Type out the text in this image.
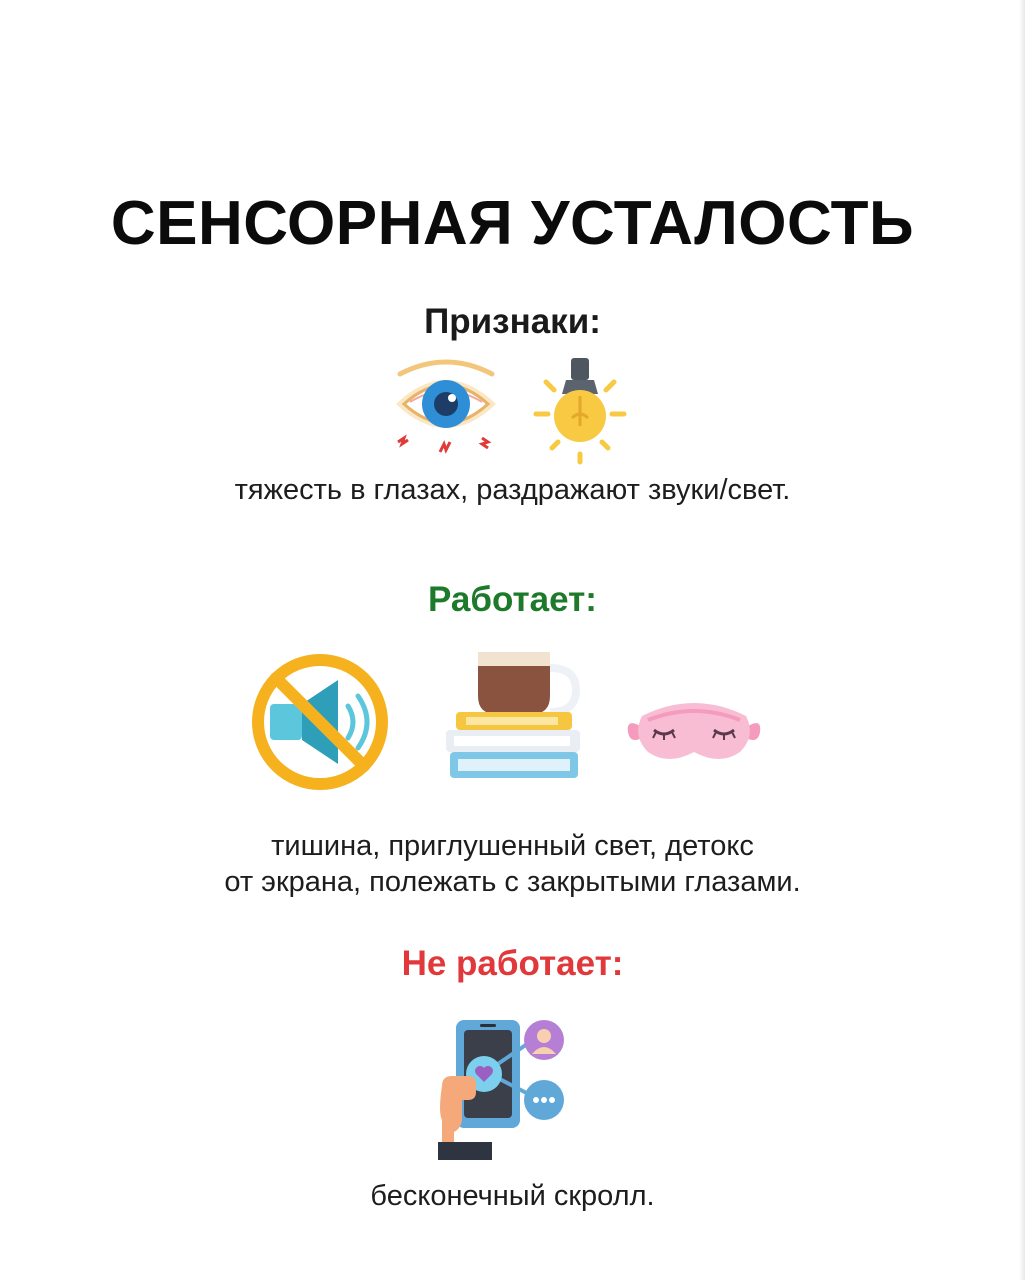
СЕНСОРНАЯ УСТАЛОСТЬ
Признаки:

тяжесть в глазах, раздражают звуки/свет.

Работает:

тишина, приглушенный свет, детокс
от экрана, полежать с закрытыми глазами.

Не работает:

бесконечный скролл.
